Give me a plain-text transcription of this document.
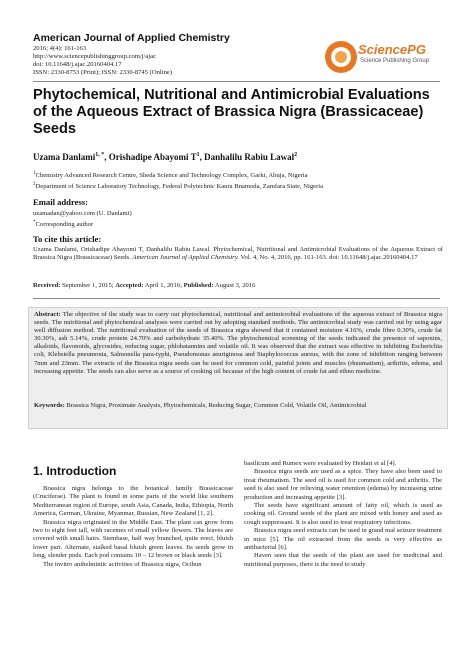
American Journal of Applied Chemistry
2016; 4(4): 161-163
http://www.sciencepublishinggroup.com/j/ajac
doi: 10.11648/j.ajac.20160404.17
ISSN: 2330-8753 (Print); ISSN: 2330-8745 (Online)
SciencePG
Science Publishing Group
Phytochemical, Nutritional and Antimicrobial Evaluations of the Aqueous Extract of Brassica Nigra (Brassicaceae) Seeds
Uzama Danlami$^{1, *}$, Orishadipe Abayomi $T^1$, Danhalilu Rabiu Lawal$^2$
$^1$Chemistry Advanced Research Centre, Sheda Science and Technology Complex, Garki, Abuja, Nigeria
$^2$Department of Science Laboratory Technology, Federal Polytechnic Kaura Bnamoda, Zamfara State, Nigeria
Email address:
uzamadan@yahoo.com (U. Danlami)
*Corresponding author
To cite this article:
Uzama Danlami, Orishadipe Abayomi T, Danhalilu Rabiu Lawal. Phytochemical, Nutritional and Antimicrobial Evaluations of the Aqueous Extract of Brassica Nigra (Brassicaceae) Seeds. American Journal of Applied Chemistry. Vol. 4, No. 4, 2016, pp. 161-163. doi: 10.11648/j.ajac.20160404.17
Received: September 1, 2015; Accepted: April 1, 2016; Published: August 3, 2016
Abstract: The objective of the study was to carry out phytochemical, nutritional and antimicrobial evaluations of the aqueous extract of Brassica nigra seeds. The nutritional and phytochemical analyses were carried out by adopting standard methods. The antimicrobial study was carried out by using agar well diffusion method. The nutritional evaluation of the seeds of Brassica nigra showed that it contained moisture 4.16%, crude fibre 0.30%, crude fat 30.30%, ash 5.14%, crude protein 24.70% and carbohydrate 35.40%. The phytochemical screening of the seeds indicated the presence of saponins, alkaloids, flavonoids, glycosides, reducing sugar, phlobatannins and volatile oil. It was observed that the extract was effective in inhibiting Escherichia coli, Klebsiella pneumonia, Salmonella para-typhi, Pseudomonas aeuriginosa and Staphylococcus aureus, with the zone of inhibition ranging between 7mm and 23mm. The extracts of the Brassica nigra seeds can be used for common cold, painful joints and muscles (rheumatism), arthritis, edema, and increasing appetite. The seeds can also serve as a source of cooking oil because of the high content of crude fat and ethno medicine.
Keywords: Brassica Nigra, Proximate Analysis, Phytochemicals, Reducing Sugar, Common Cold, Volatile Oil, Antimicrobial
1. Introduction

Brassica nigra belongs to the botanical family Brassicaceae (Cruciferae). The plant is found in some parts of the world like southern Mediterranean region of Europe, south Asia, Canada, India, Ethiopia, North America, German, Ukraine, Myanmar, Russian, New Zealand [1, 2].

Brassica nigra originated in the Middle East. The plant can grow from two to eight feet tall, with racemes of small yellow flowers. The leaves are covered with small hairs. Stembase, half way branched, quite erect, bluish lower part. Alternate, stalked basal bluish green leaves. Its seeds grow in long, slender pods. Each pod contains 10 – 12 brown or black seeds [3].

The invitro anthelmintic activities of Brassica nigra, Ocihun

basilicum and Rumex were evaluated by Heidari et al [4].

Brassica nigra seeds are used as a spice. They have also been used to treat rheumatism. The seed oil is used for common cold and arthritis. The seed is also used for relieving water retention (edema) by increasing urine production and increasing appetite [3].

The seeds have significant amount of fatty oil, which is used as cooking oil. Ground seeds of the plant are mixed with honey and used as cough suppressant. It is also used to treat respiratory infections.

Brassica nigra seed extracts can be used in grand mal seizure treatment in mice [5]. The oil extracted from the seeds is very effective as antibacterial [6].

Haven seen that the seeds of the plant are used for medicinal and nutritional purposes, there is the need to study
